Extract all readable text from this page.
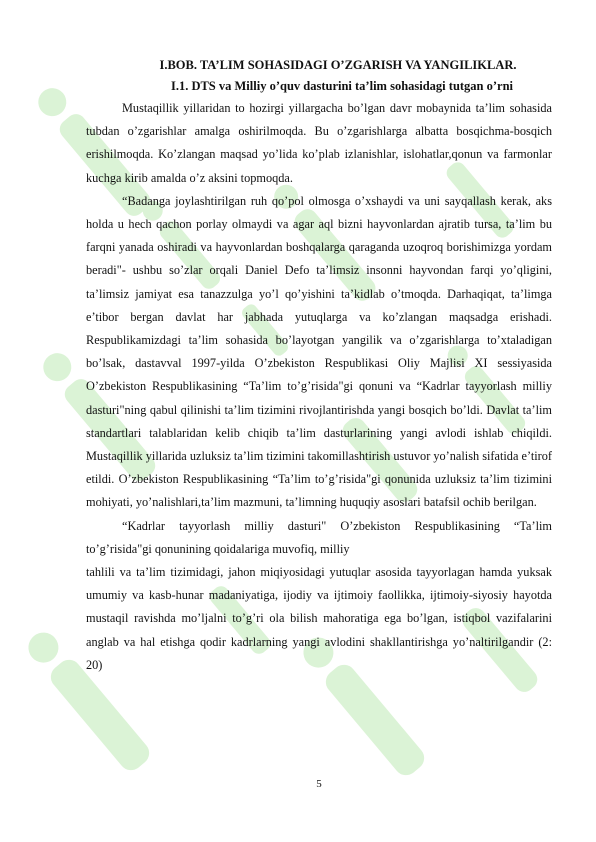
I.BOB. TA’LIM SOHASIDAGI O’ZGARISH VA YANGILIKLAR.
I.1. DTS va Milliy o’quv dasturini ta’lim sohasidagi tutgan o’rni

Mustaqillik yillaridan to hozirgi yillargacha bo’lgan davr mobaynida ta’lim sohasida tubdan o’zgarishlar amalga oshirilmoqda. Bu o’zgarishlarga albatta bosqichma-bosqich erishilmoqda. Ko’zlangan maqsad yo’lida ko’plab izlanishlar, islohatlar,qonun va farmonlar kuchga kirib amalda o’z aksini topmoqda.

“Badanga joylashtirilgan ruh qo’pol olmosga o’xshaydi va uni sayqallash kerak, aks holda u hech qachon porlay olmaydi va agar aql bizni hayvonlardan ajratib tursa, ta’lim bu farqni yanada oshiradi va hayvonlardan boshqalarga qaraganda uzoqroq borishimizga yordam beradi"- ushbu so’zlar orqali Daniel Defo ta’limsiz insonni hayvondan farqi yo’qligini, ta’limsiz jamiyat esa tanazzulga yo’l qo’yishini ta’kidlab o’tmoqda. Darhaqiqat, ta’limga e’tibor bergan davlat har jabhada yutuqlarga va ko’zlangan maqsadga erishadi. Respublikamizdagi ta’lim sohasida bo’layotgan yangilik va o’zgarishlarga to’xtaladigan bo’lsak, dastavval 1997-yilda O’zbekiston Respublikasi Oliy Majlisi XI sessiyasida O’zbekiston Respublikasining “Ta’lim to’g’risida"gi qonuni va “Kadrlar tayyorlash milliy dasturi"ning qabul qilinishi ta’lim tizimini rivojlantirishda yangi bosqich bo’ldi. Davlat ta’lim standartlari talablaridan kelib chiqib ta’lim dasturlarining yangi avlodi ishlab chiqildi. Mustaqillik yillarida uzluksiz ta’lim tizimini takomillashtirish ustuvor yo’nalish sifatida e’tirof etildi. O’zbekiston Respublikasining “Ta’lim to’g’risida"gi qonunida uzluksiz ta’lim tizimini mohiyati, yo’nalishlari,ta’lim mazmuni, ta’limning huquqiy asoslari batafsil ochib berilgan.

“Kadrlar tayyorlash milliy dasturi" O’zbekiston Respublikasining “Ta’lim to’g’risida"gi qonunining qoidalariga muvofiq, milliy

tahlili va ta’lim tizimidagi, jahon miqiyosidagi yutuqlar asosida tayyorlagan hamda yuksak umumiy va kasb-hunar madaniyatiga, ijodiy va ijtimoiy faollikka, ijtimoiy-siyosiy hayotda mustaqil ravishda mo’ljalni to’g’ri ola bilish mahoratiga ega bo’lgan, istiqbol vazifalarini anglab va hal etishga qodir kadrlarning yangi avlodini shakllantirishga yo’naltirilgandir (2: 20)

5
